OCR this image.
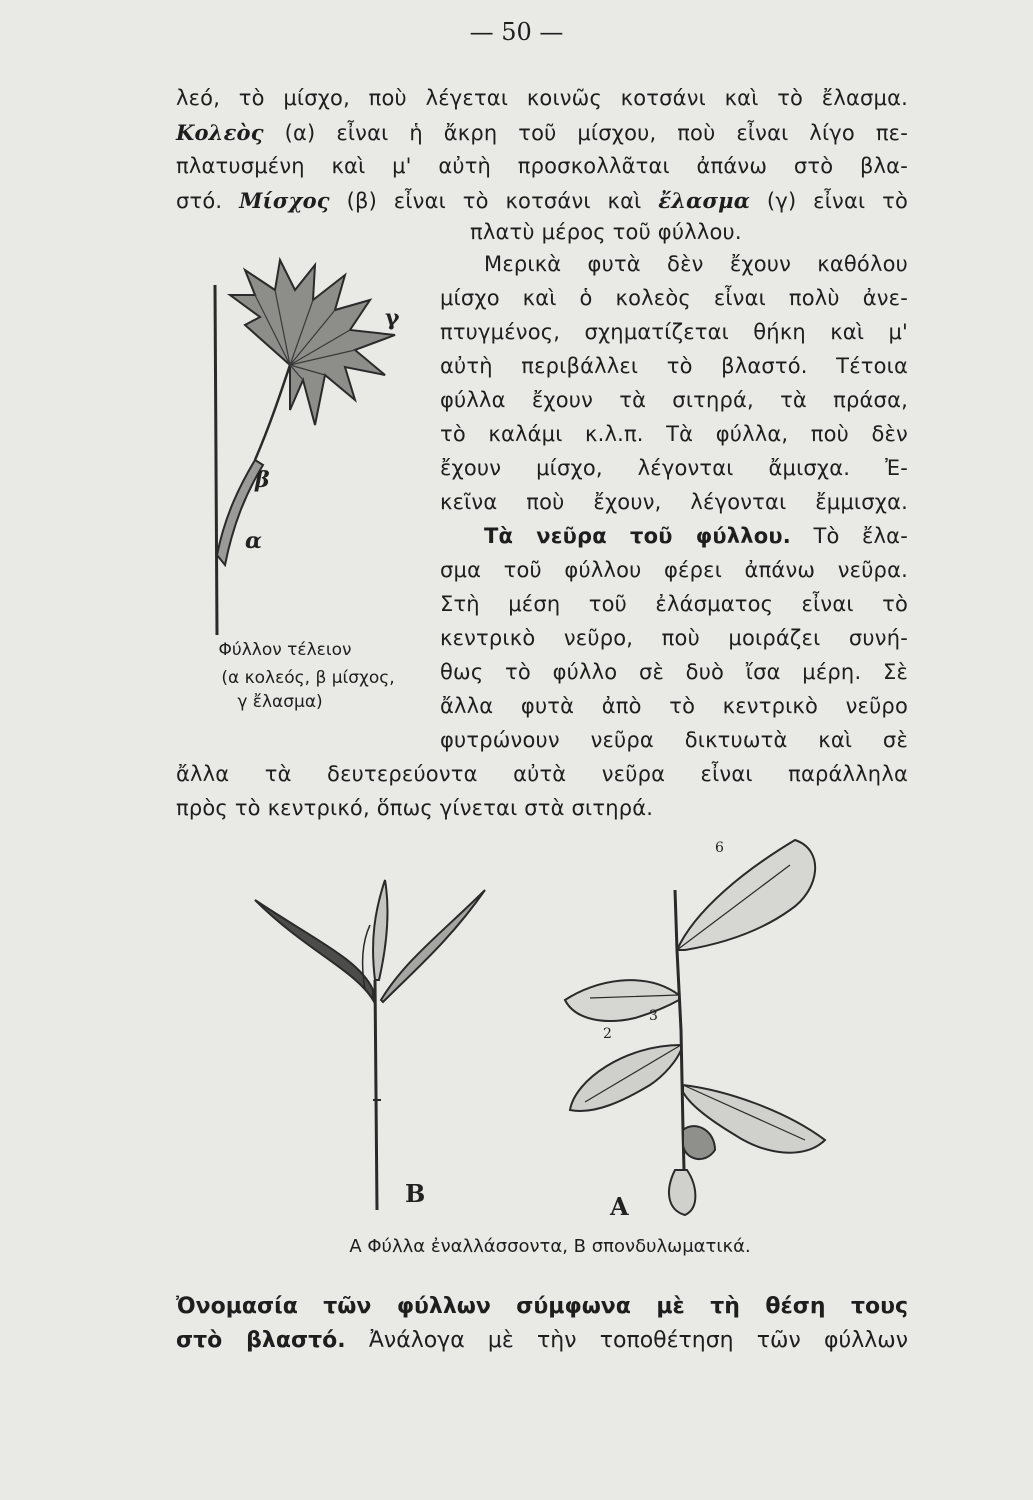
— 50 —
λεό, τὸ μίσχο, ποὺ λέγεται κοινῶς κοτσάνι καὶ τὸ ἔλασμα.
Κολεὸς (α) εἶναι ἡ ἄκρη τοῦ μίσχου, ποὺ εἶναι λίγο πε-
πλατυσμένη καὶ μ' αὐτὴ προσκολλᾶται ἀπάνω στὸ βλα-
στό. Μίσχος (β) εἶναι τὸ κοτσάνι καὶ ἔλασμα (γ) εἶναι τὸ
πλατὺ μέρος τοῦ φύλλου.
Μερικὰ φυτὰ δὲν ἔχουν καθόλου
μίσχο καὶ ὁ κολεὸς εἶναι πολὺ ἀνε-
πτυγμένος, σχηματίζεται θήκη καὶ μ'
αὐτὴ περιβάλλει τὸ βλαστό. Τέτοια
φύλλα ἔχουν τὰ σιτηρά, τὰ πράσα,
τὸ καλάμι κ.λ.π. Τὰ φύλλα, ποὺ δὲν
ἔχουν μίσχο, λέγονται ἄμισχα. Ἐ-
κεῖνα ποὺ ἔχουν, λέγονται ἔμμισχα.
Τὰ νεῦρα τοῦ φύλλου. Τὸ ἔλα-
σμα τοῦ φύλλου φέρει ἀπάνω νεῦρα.
Στὴ μέση τοῦ ἐλάσματος εἶναι τὸ
κεντρικὸ νεῦρο, ποὺ μοιράζει συνή-
θως τὸ φύλλο σὲ δυὸ ἴσα μέρη. Σὲ
ἄλλα φυτὰ ἀπὸ τὸ κεντρικὸ νεῦρο
φυτρώνουν νεῦρα δικτυωτὰ καὶ σὲ
ἄλλα τὰ δευτερεύοντα αὐτὰ νεῦρα εἶναι παράλληλα
πρὸς τὸ κεντρικό, ὅπως γίνεται στὰ σιτηρά.
γ
β
α
Φύλλον τέλειον
(α κολεός, β μίσχος,
γ ἔλασμα)
Β	Α
2
3
6
Α Φύλλα ἐναλλάσσοντα, Β σπονδυλωματικά.
Ὀνομασία τῶν φύλλων σύμφωνα μὲ τὴ θέση τους
στὸ βλαστό. Ἀνάλογα μὲ τὴν τοποθέτηση τῶν φύλλων
